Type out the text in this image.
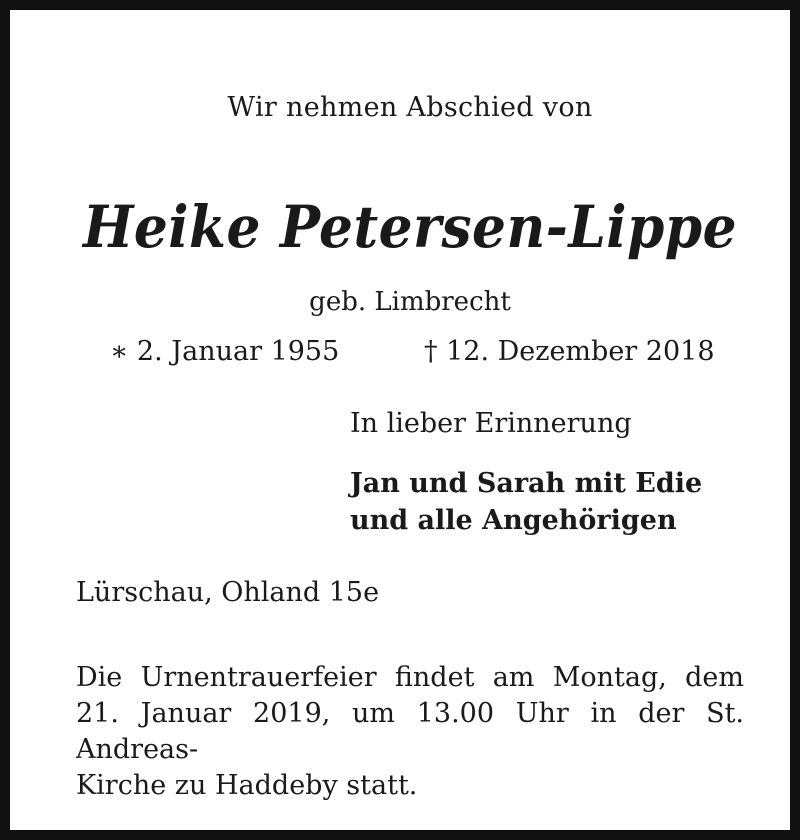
Wir nehmen Abschied von
Heike Petersen-Lippe
geb. Limbrecht
∗ 2. Januar 1955	† 12. Dezember 2018
In lieber Erinnerung
Jan und Sarah mit Edie
und alle Angehörigen
Lürschau, Ohland 15e
Die Urnentrauerfeier findet am Montag, dem
21. Januar 2019, um 13.00 Uhr in der St. Andreas-
Kirche zu Haddeby statt.
